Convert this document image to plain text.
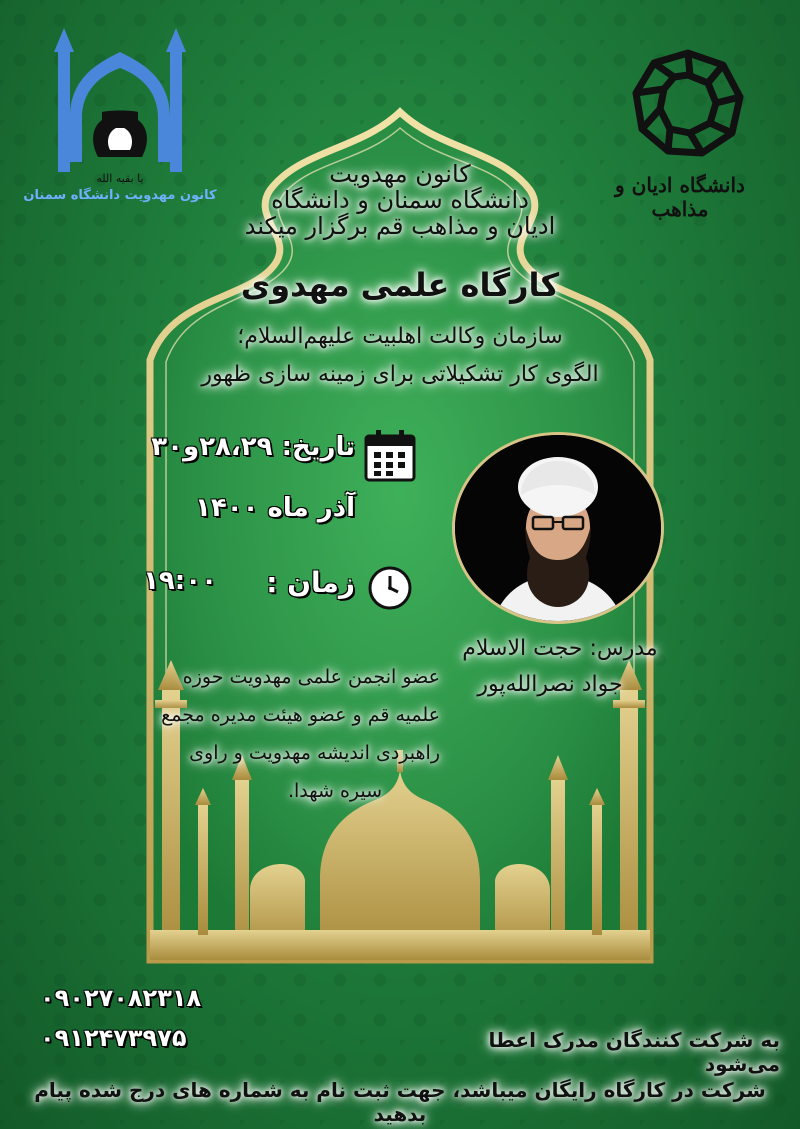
یا بقیه الله
کانون مهدویت دانشگاه سمنان	دانشگاه ادیان و مذاهب
کانون مهدویت
دانشگاه سمنان و دانشگاه
ادیان و مذاهب قم برگزار میکند
کارگاه علمی مهدوی
سازمان وکالت اهلبیت علیهم‌السلام؛
الگوی کار تشکیلاتی برای زمینه سازی ظهور
تاریخ: ۲۸،۲۹و۳۰
آذر ماه ۱۴۰۰
زمان :
۱۹:۰۰
مدرس: حجت الاسلام
جواد نصرالله‌پور
عضو انجمن علمی مهدویت حوزه
علمیه قم و عضو هیئت مدیره مجمع
راهبردی اندیشه مهدویت و راوی
سیره شهدا.
۰۹۰۲۷۰۸۲۳۱۸
۰۹۱۲۴۷۳۹۷۵	به شرکت کنندگان مدرک اعطا می‌شود
شرکت در کارگاه رایگان میباشد، جهت ثبت نام به شماره های درج شده پیام بدهید
